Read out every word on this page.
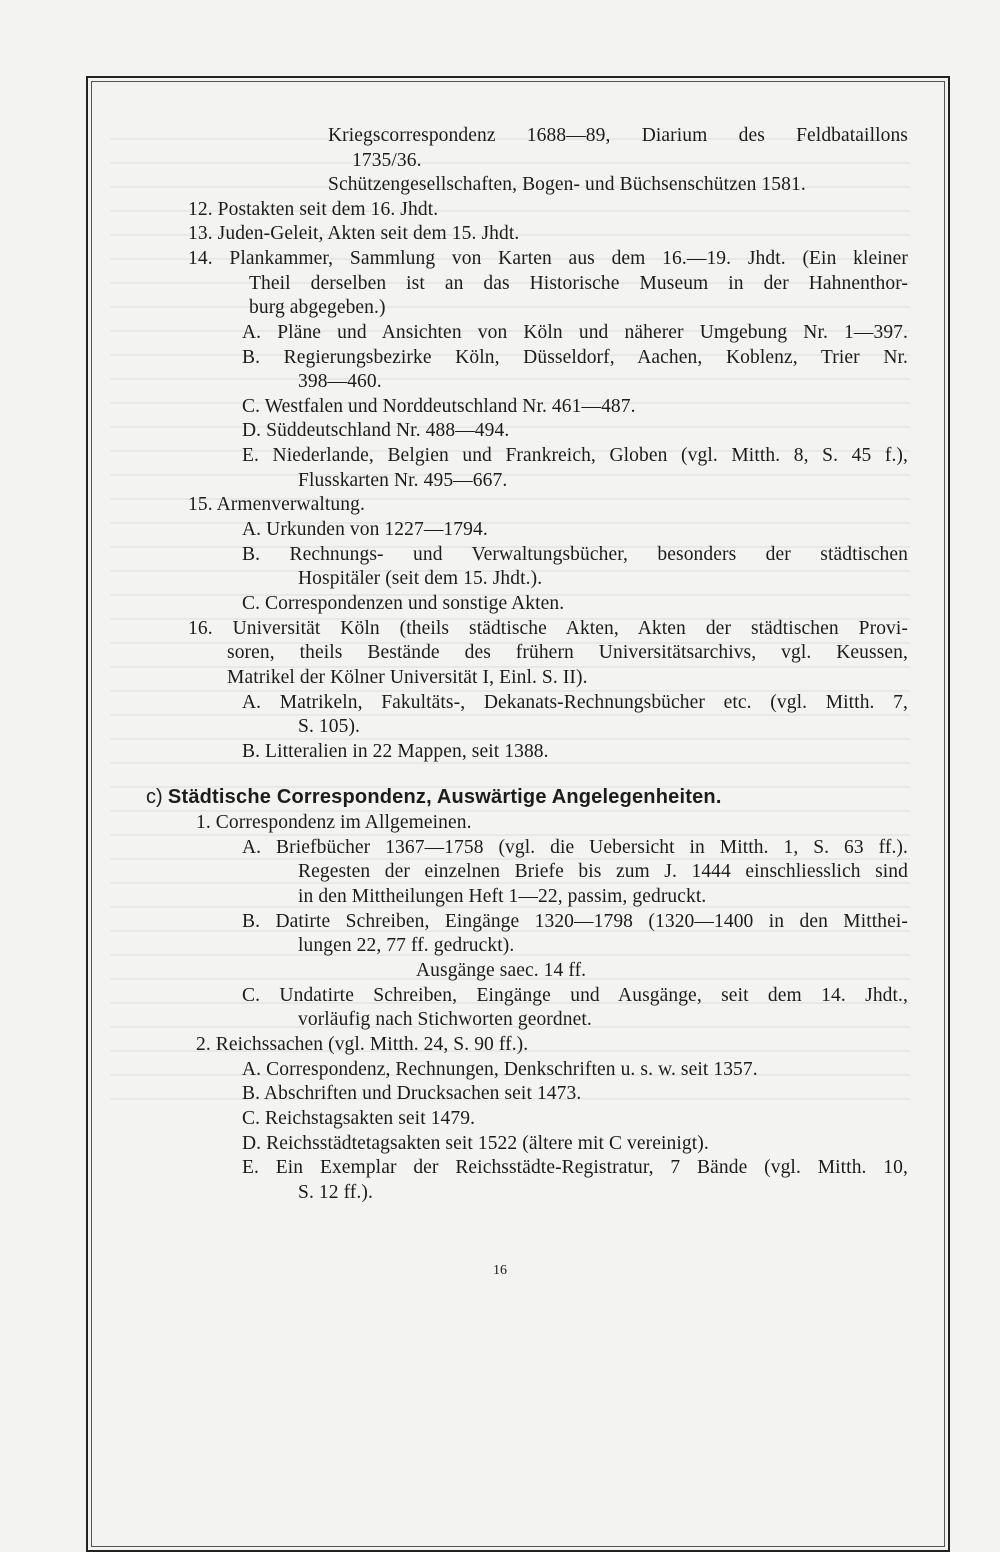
c) Städtische Correspondenz, Auswärtige Angelegenheiten.
Kriegscorrespondenz 1688—89, Diarium des Feldbataillons
1735/36.
Schützengesellschaften, Bogen- und Büchsenschützen 1581.
12. Postakten seit dem 16. Jhdt.
13. Juden-Geleit, Akten seit dem 15. Jhdt.
14. Plankammer, Sammlung von Karten aus dem 16.—19. Jhdt. (Ein kleiner
Theil derselben ist an das Historische Museum in der Hahnenthor-
burg abgegeben.)
A. Pläne und Ansichten von Köln und näherer Umgebung Nr. 1—397.
B. Regierungsbezirke Köln, Düsseldorf, Aachen, Koblenz, Trier Nr.
398—460.
C. Westfalen und Norddeutschland Nr. 461—487.
D. Süddeutschland Nr. 488—494.
E. Niederlande, Belgien und Frankreich, Globen (vgl. Mitth. 8, S. 45 f.),
Flusskarten Nr. 495—667.
15. Armenverwaltung.
A. Urkunden von 1227—1794.
B. Rechnungs- und Verwaltungsbücher, besonders der städtischen
Hospitäler (seit dem 15. Jhdt.).
C. Correspondenzen und sonstige Akten.
16. Universität Köln (theils städtische Akten, Akten der städtischen Provi-
soren, theils Bestände des frühern Universitätsarchivs, vgl. Keussen,
Matrikel der Kölner Universität I, Einl. S. II).
A. Matrikeln, Fakultäts-, Dekanats-Rechnungsbücher etc. (vgl. Mitth. 7,
S. 105).
B. Litteralien in 22 Mappen, seit 1388.
1. Correspondenz im Allgemeinen.
A. Briefbücher 1367—1758 (vgl. die Uebersicht in Mitth. 1, S. 63 ff.).
Regesten der einzelnen Briefe bis zum J. 1444 einschliesslich sind
in den Mittheilungen Heft 1—22, passim, gedruckt.
B. Datirte Schreiben, Eingänge 1320—1798 (1320—1400 in den Mitthei-
lungen 22, 77 ff. gedruckt).
Ausgänge saec. 14 ff.
C. Undatirte Schreiben, Eingänge und Ausgänge, seit dem 14. Jhdt.,
vorläufig nach Stichworten geordnet.
2. Reichssachen (vgl. Mitth. 24, S. 90 ff.).
A. Correspondenz, Rechnungen, Denkschriften u. s. w. seit 1357.
B. Abschriften und Drucksachen seit 1473.
C. Reichstagsakten seit 1479.
D. Reichsstädtetagsakten seit 1522 (ältere mit C vereinigt).
E. Ein Exemplar der Reichsstädte-Registratur, 7 Bände (vgl. Mitth. 10,
S. 12 ff.).
16
